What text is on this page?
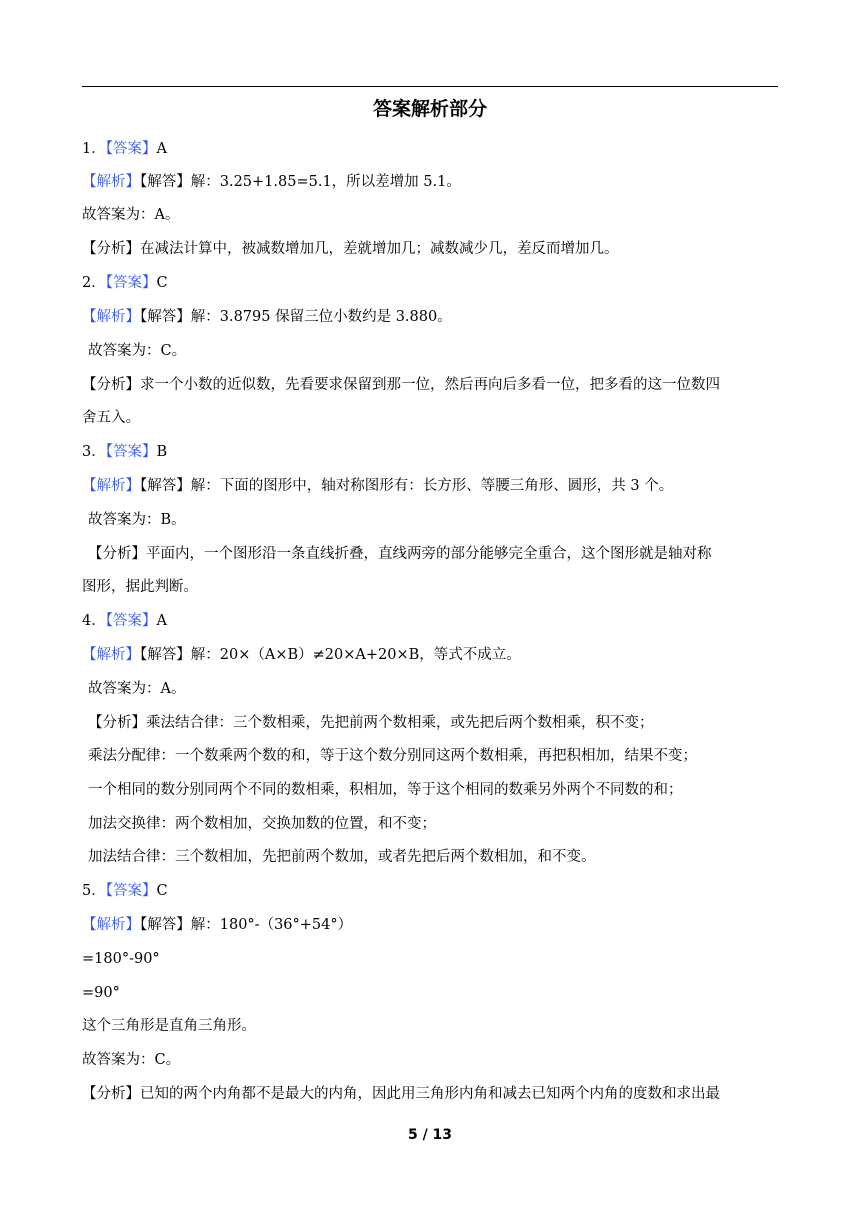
答案解析部分
1．【答案】A
【解析】【解答】解：3.25+1.85=5.1，所以差增加 5.1。
故答案为：A。
【分析】在减法计算中，被减数增加几，差就增加几；减数减少几，差反而增加几。
2．【答案】C
【解析】【解答】解：3.8795 保留三位小数约是 3.880。
故答案为：C。
【分析】求一个小数的近似数，先看要求保留到那一位，然后再向后多看一位，把多看的这一位数四
舍五入。
3．【答案】B
【解析】【解答】解：下面的图形中，轴对称图形有：长方形、等腰三角形、圆形，共 3 个。
故答案为：B。
【分析】平面内，一个图形沿一条直线折叠，直线两旁的部分能够完全重合，这个图形就是轴对称
图形，据此判断。
4．【答案】A
【解析】【解答】解：20×（A×B）≠20×A+20×B，等式不成立。
故答案为：A。
【分析】乘法结合律：三个数相乘，先把前两个数相乘，或先把后两个数相乘，积不变；
乘法分配律：一个数乘两个数的和，等于这个数分别同这两个数相乘，再把积相加，结果不变；
一个相同的数分别同两个不同的数相乘，积相加，等于这个相同的数乘另外两个不同数的和；
加法交换律：两个数相加，交换加数的位置，和不变；
加法结合律：三个数相加，先把前两个数加，或者先把后两个数相加，和不变。
5．【答案】C
【解析】【解答】解：180°-（36°+54°）
=180°-90°
=90°
这个三角形是直角三角形。
故答案为：C。
【分析】已知的两个内角都不是最大的内角，因此用三角形内角和减去已知两个内角的度数和求出最
5 / 13
